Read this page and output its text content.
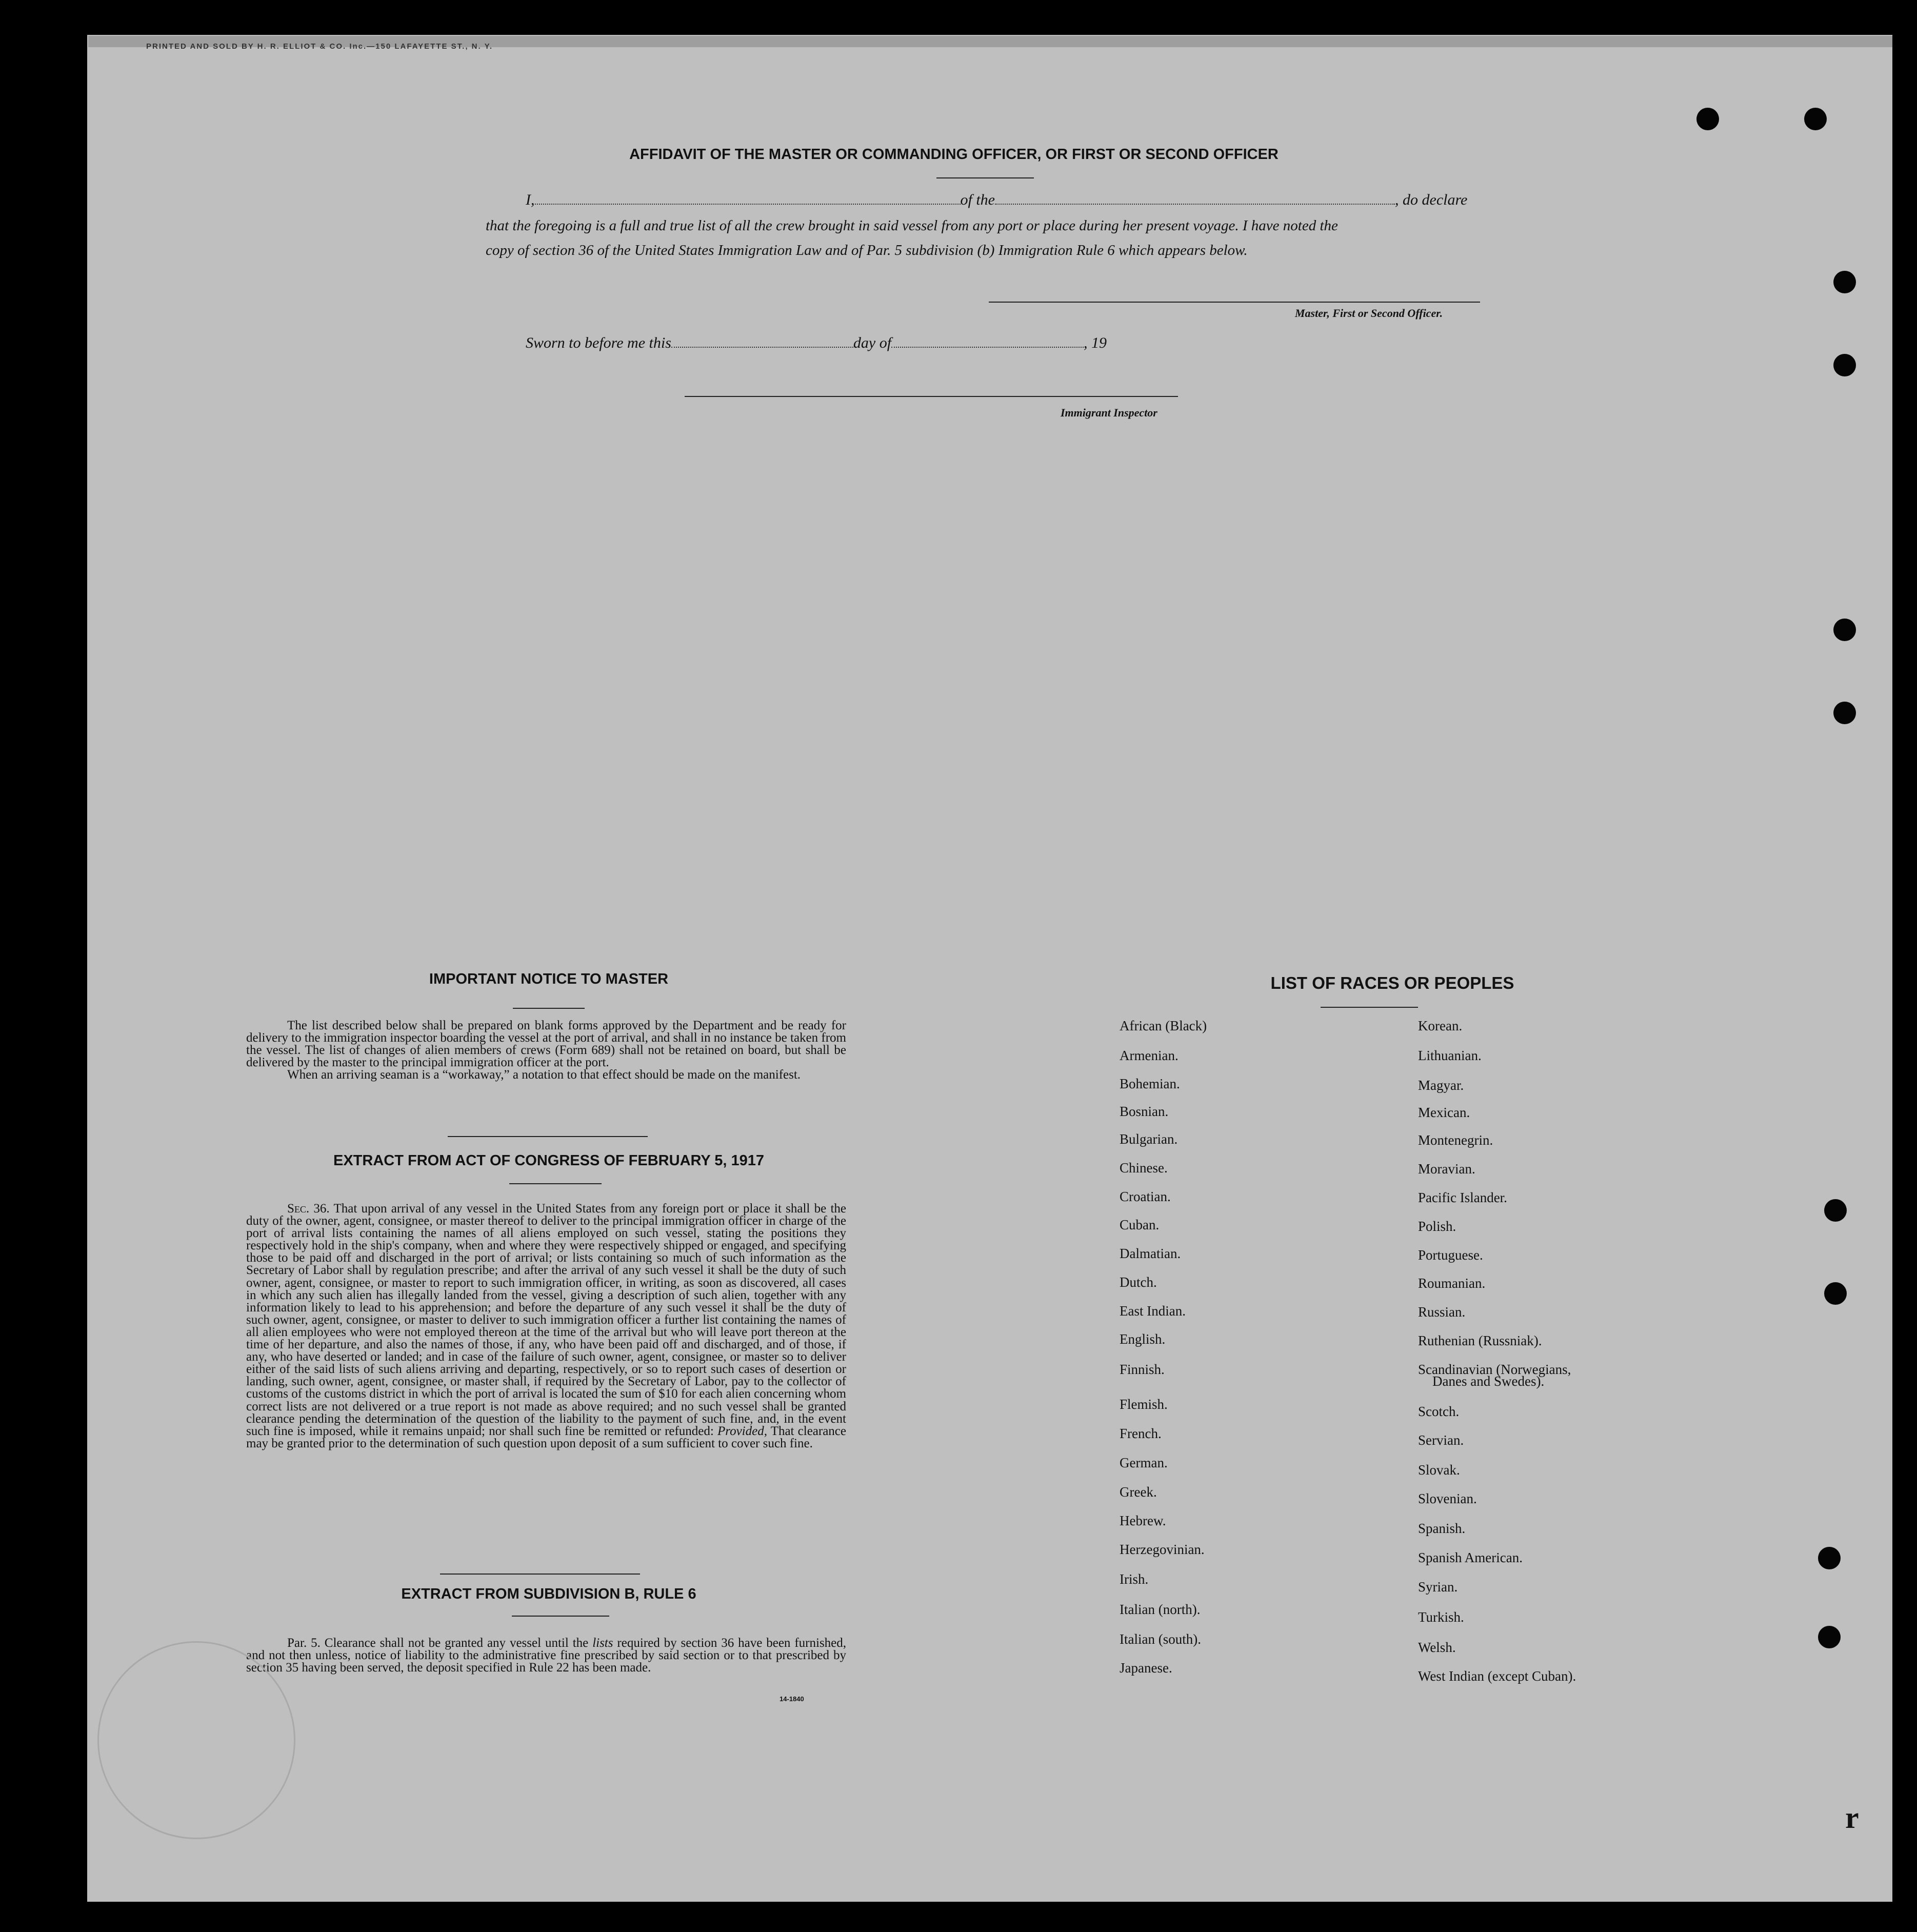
PRINTED AND SOLD BY H. R. ELLIOT & CO. Inc.—150 LAFAYETTE ST., N. Y.
AFFIDAVIT OF THE MASTER OR COMMANDING OFFICER, OR FIRST OR SECOND OFFICER
I,	of the	, do declare
that the foregoing is a full and true list of all the crew brought in said vessel from any port or place during her present voyage. I have noted the
copy of section 36 of the United States Immigration Law and of Par. 5 subdivision (b) Immigration Rule 6 which appears below.
Master, First or Second Officer.
Sworn to before me this	day of	, 19
Immigrant Inspector
IMPORTANT NOTICE TO MASTER

The list described below shall be prepared on blank forms approved by the Department and be ready for delivery to the immigration inspector boarding the vessel at the port of arrival, and shall in no instance be taken from the vessel. The list of changes of alien members of crews (Form 689) shall not be retained on board, but shall be delivered by the master to the principal immigration officer at the port.

When an arriving seaman is a “workaway,” a notation to that effect should be made on the manifest.

EXTRACT FROM ACT OF CONGRESS OF FEBRUARY 5, 1917

Sec. 36. That upon arrival of any vessel in the United States from any foreign port or place it shall be the duty of the owner, agent, consignee, or master thereof to deliver to the principal immigration officer in charge of the port of arrival lists containing the names of all aliens employed on such vessel, stating the positions they respectively hold in the ship's company, when and where they were respectively shipped or engaged, and specifying those to be paid off and discharged in the port of arrival; or lists containing so much of such information as the Secretary of Labor shall by regulation prescribe; and after the arrival of any such vessel it shall be the duty of such owner, agent, consignee, or master to report to such immigration officer, in writing, as soon as discovered, all cases in which any such alien has illegally landed from the vessel, giving a description of such alien, together with any information likely to lead to his apprehension; and before the departure of any such vessel it shall be the duty of such owner, agent, consignee, or master to deliver to such immigration officer a further list containing the names of all alien employees who were not employed thereon at the time of the arrival but who will leave port thereon at the time of her departure, and also the names of those, if any, who have been paid off and discharged, and of those, if any, who have deserted or landed; and in case of the failure of such owner, agent, consignee, or master so to deliver either of the said lists of such aliens arriving and departing, respectively, or so to report such cases of desertion or landing, such owner, agent, consignee, or master shall, if required by the Secretary of Labor, pay to the collector of customs of the customs district in which the port of arrival is located the sum of $10 for each alien concerning whom correct lists are not delivered or a true report is not made as above required; and no such vessel shall be granted clearance pending the determination of the question of the liability to the payment of such fine, and, in the event such fine is imposed, while it remains unpaid; nor shall such fine be remitted or refunded: Provided, That clearance may be granted prior to the determination of such question upon deposit of a sum sufficient to cover such fine.

EXTRACT FROM SUBDIVISION B, RULE 6

Par. 5. Clearance shall not be granted any vessel until the lists required by section 36 have been furnished, and not then unless, notice of liability to the administrative fine prescribed by said section or to that prescribed by section 35 having been served, the deposit specified in Rule 22 has been made.

14-1840
LIST OF RACES OR PEOPLES
African (Black)
Armenian.
Bohemian.
Bosnian.
Bulgarian.
Chinese.
Croatian.
Cuban.
Dalmatian.
Dutch.
East Indian.
English.
Finnish.
Flemish.
French.
German.
Greek.
Hebrew.
Herzegovinian.
Irish.
Italian (north).
Italian (south).
Japanese.
Korean.
Lithuanian.
Magyar.
Mexican.
Montenegrin.
Moravian.
Pacific Islander.
Polish.
Portuguese.
Roumanian.
Russian.
Ruthenian (Russniak).
Scandinavian (Norwegians,
Danes and Swedes).
Scotch.
Servian.
Slovak.
Slovenian.
Spanish.
Spanish American.
Syrian.
Turkish.
Welsh.
West Indian (except Cuban).
r
